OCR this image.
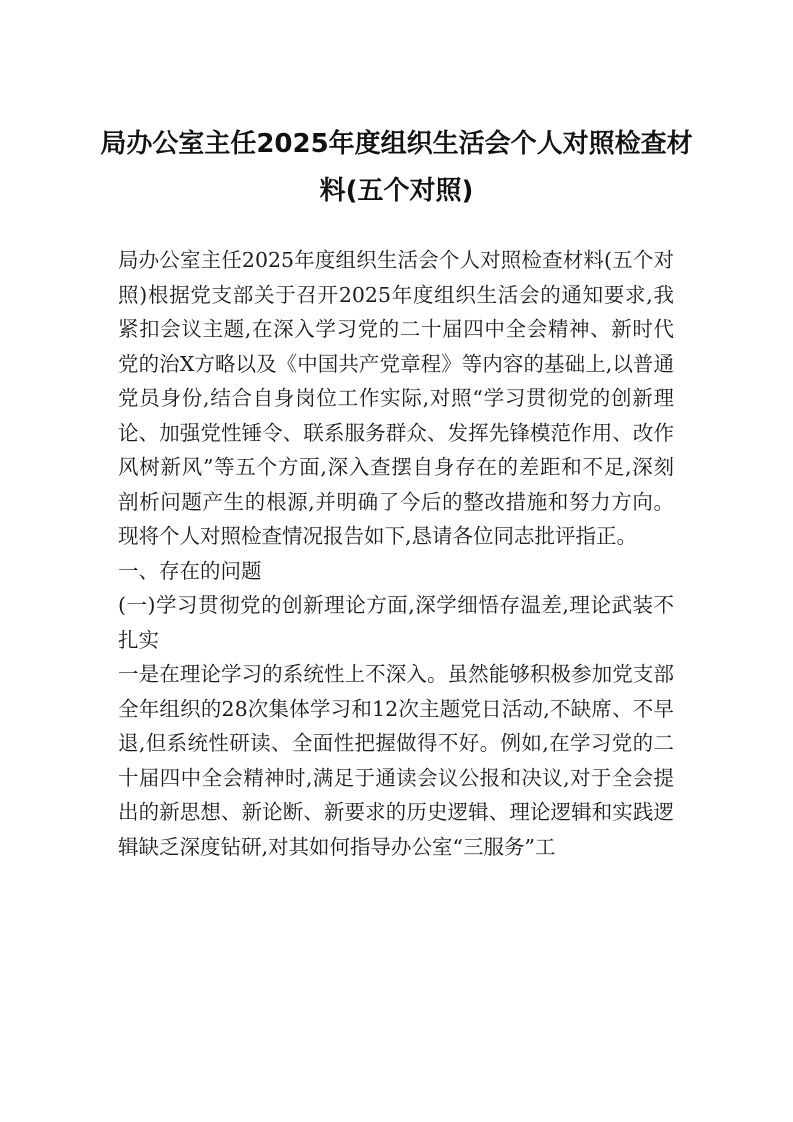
局办公室主任2025年度组织生活会个人对照检查材料(五个对照)

局办公室主任2025年度组织生活会个人对照检查材料(五个对照)根据党支部关于召开2025年度组织生活会的通知要求,我紧扣会议主题,在深入学习党的二十届四中全会精神、新时代党的治X方略以及《中国共产党章程》等内容的基础上,以普通党员身份,结合自身岗位工作实际,对照“学习贯彻党的创新理论、加强党性锤令、联系服务群众、发挥先锋模范作用、改作风树新风”等五个方面,深入查摆自身存在的差距和不足,深刻剖析问题产生的根源,并明确了今后的整改措施和努力方向。现将个人对照检查情况报告如下,恳请各位同志批评指正。

一、存在的问题

(一)学习贯彻党的创新理论方面,深学细悟存温差,理论武装不扎实

一是在理论学习的系统性上不深入。虽然能够积极参加党支部全年组织的28次集体学习和12次主题党日活动,不缺席、不早退,但系统性研读、全面性把握做得不好。例如,在学习党的二十届四中全会精神时,满足于通读会议公报和决议,对于全会提出的新思想、新论断、新要求的历史逻辑、理论逻辑和实践逻辑缺乏深度钻研,对其如何指导办公室“三服务”工
